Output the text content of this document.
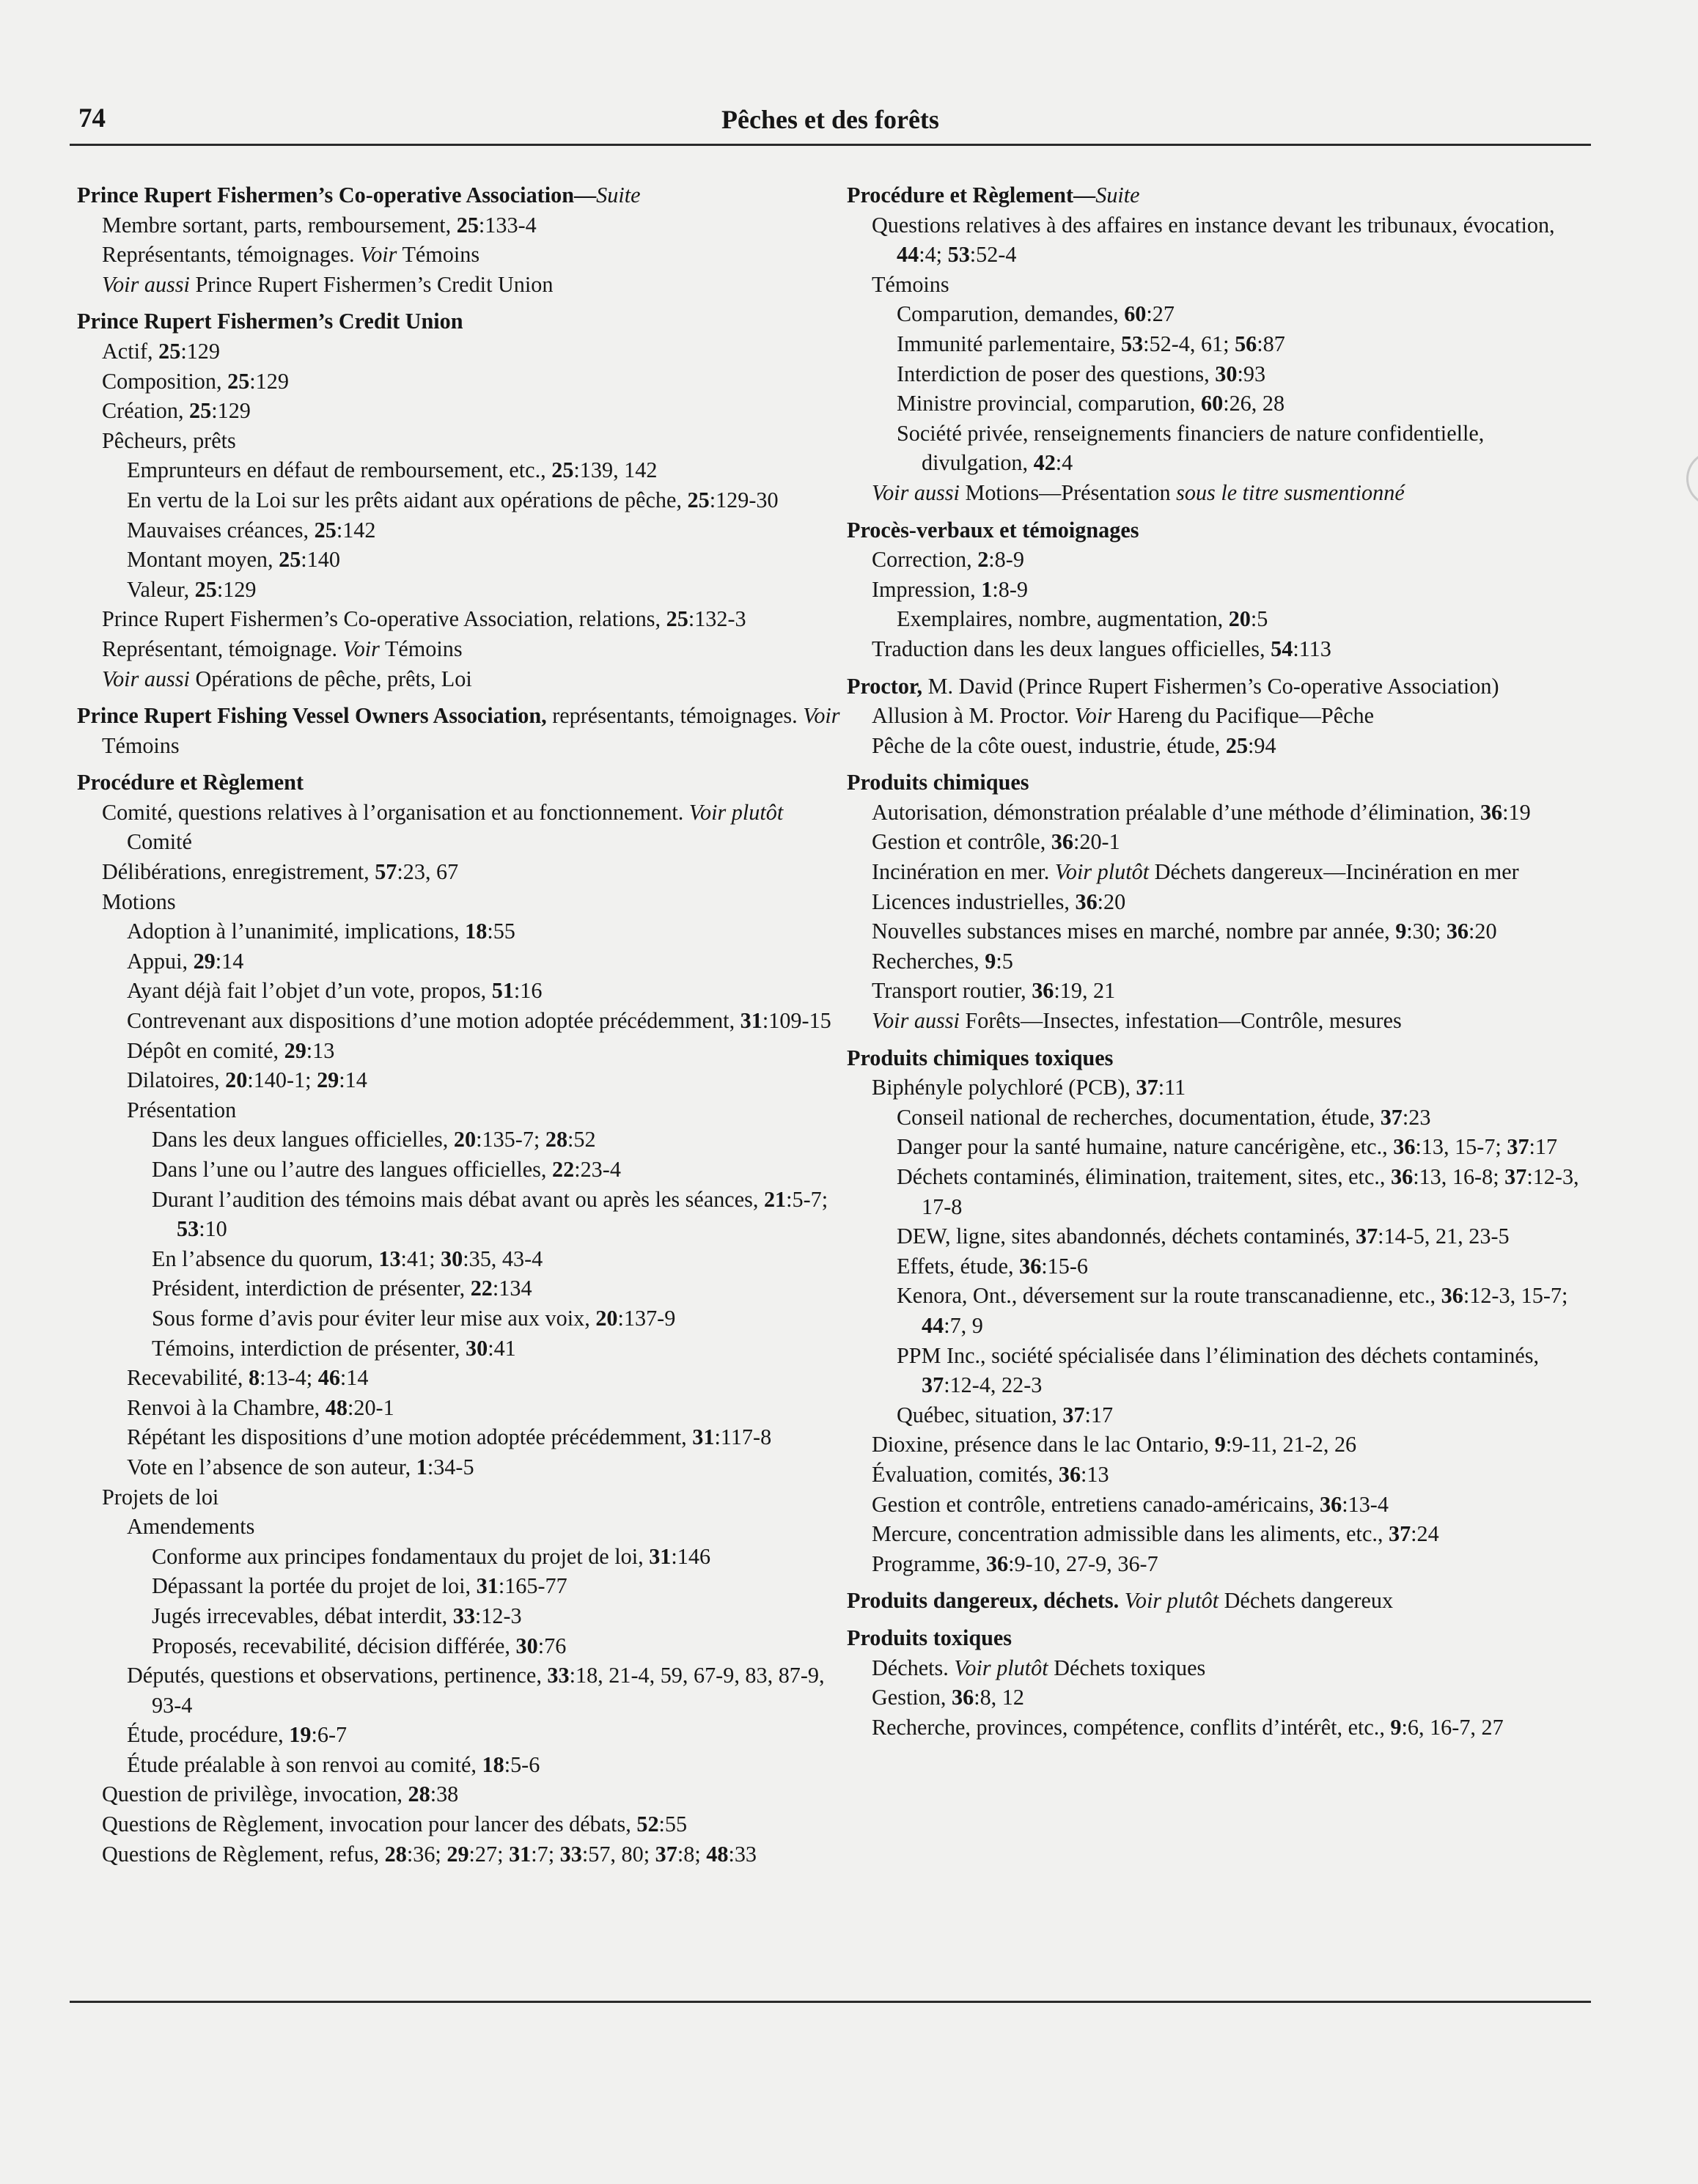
74	Pêches et des forêts
Prince Rupert Fishermen’s Co-operative Association—Suite
Membre sortant, parts, remboursement, 25:133-4
Représentants, témoignages. Voir Témoins
Voir aussi Prince Rupert Fishermen’s Credit Union
Prince Rupert Fishermen’s Credit Union
Actif, 25:129
Composition, 25:129
Création, 25:129
Pêcheurs, prêts
Emprunteurs en défaut de remboursement, etc., 25:139, 142
En vertu de la Loi sur les prêts aidant aux opérations de pêche, 25:129-30
Mauvaises créances, 25:142
Montant moyen, 25:140
Valeur, 25:129
Prince Rupert Fishermen’s Co-operative Association, relations, 25:132-3
Représentant, témoignage. Voir Témoins
Voir aussi Opérations de pêche, prêts, Loi
Prince Rupert Fishing Vessel Owners Association, représentants, témoignages. Voir Témoins
Procédure et Règlement
Comité, questions relatives à l’organisation et au fonctionnement. Voir plutôt Comité
Délibérations, enregistrement, 57:23, 67
Motions
Adoption à l’unanimité, implications, 18:55
Appui, 29:14
Ayant déjà fait l’objet d’un vote, propos, 51:16
Contrevenant aux dispositions d’une motion adoptée précédemment, 31:109-15
Dépôt en comité, 29:13
Dilatoires, 20:140-1; 29:14
Présentation
Dans les deux langues officielles, 20:135-7; 28:52
Dans l’une ou l’autre des langues officielles, 22:23-4
Durant l’audition des témoins mais débat avant ou après les séances, 21:5-7; 53:10
En l’absence du quorum, 13:41; 30:35, 43-4
Président, interdiction de présenter, 22:134
Sous forme d’avis pour éviter leur mise aux voix, 20:137-9
Témoins, interdiction de présenter, 30:41
Recevabilité, 8:13-4; 46:14
Renvoi à la Chambre, 48:20-1
Répétant les dispositions d’une motion adoptée précédemment, 31:117-8
Vote en l’absence de son auteur, 1:34-5
Projets de loi
Amendements
Conforme aux principes fondamentaux du projet de loi, 31:146
Dépassant la portée du projet de loi, 31:165-77
Jugés irrecevables, débat interdit, 33:12-3
Proposés, recevabilité, décision différée, 30:76
Députés, questions et observations, pertinence, 33:18, 21-4, 59, 67-9, 83, 87-9, 93-4
Étude, procédure, 19:6-7
Étude préalable à son renvoi au comité, 18:5-6
Question de privilège, invocation, 28:38
Questions de Règlement, invocation pour lancer des débats, 52:55
Questions de Règlement, refus, 28:36; 29:27; 31:7; 33:57, 80; 37:8; 48:33
Procédure et Règlement—Suite
Questions relatives à des affaires en instance devant les tribunaux, évocation, 44:4; 53:52-4
Témoins
Comparution, demandes, 60:27
Immunité parlementaire, 53:52-4, 61; 56:87
Interdiction de poser des questions, 30:93
Ministre provincial, comparution, 60:26, 28
Société privée, renseignements financiers de nature confidentielle, divulgation, 42:4
Voir aussi Motions—Présentation sous le titre susmentionné
Procès-verbaux et témoignages
Correction, 2:8-9
Impression, 1:8-9
Exemplaires, nombre, augmentation, 20:5
Traduction dans les deux langues officielles, 54:113
Proctor, M. David (Prince Rupert Fishermen’s Co-operative Association)
Allusion à M. Proctor. Voir Hareng du Pacifique—Pêche
Pêche de la côte ouest, industrie, étude, 25:94
Produits chimiques
Autorisation, démonstration préalable d’une méthode d’élimination, 36:19
Gestion et contrôle, 36:20-1
Incinération en mer. Voir plutôt Déchets dangereux—Incinération en mer
Licences industrielles, 36:20
Nouvelles substances mises en marché, nombre par année, 9:30; 36:20
Recherches, 9:5
Transport routier, 36:19, 21
Voir aussi Forêts—Insectes, infestation—Contrôle, mesures
Produits chimiques toxiques
Biphényle polychloré (PCB), 37:11
Conseil national de recherches, documentation, étude, 37:23
Danger pour la santé humaine, nature cancérigène, etc., 36:13, 15-7; 37:17
Déchets contaminés, élimination, traitement, sites, etc., 36:13, 16-8; 37:12-3, 17-8
DEW, ligne, sites abandonnés, déchets contaminés, 37:14-5, 21, 23-5
Effets, étude, 36:15-6
Kenora, Ont., déversement sur la route transcanadienne, etc., 36:12-3, 15-7; 44:7, 9
PPM Inc., société spécialisée dans l’élimination des déchets contaminés, 37:12-4, 22-3
Québec, situation, 37:17
Dioxine, présence dans le lac Ontario, 9:9-11, 21-2, 26
Évaluation, comités, 36:13
Gestion et contrôle, entretiens canado-américains, 36:13-4
Mercure, concentration admissible dans les aliments, etc., 37:24
Programme, 36:9-10, 27-9, 36-7
Produits dangereux, déchets. Voir plutôt Déchets dangereux
Produits toxiques
Déchets. Voir plutôt Déchets toxiques
Gestion, 36:8, 12
Recherche, provinces, compétence, conflits d’intérêt, etc., 9:6, 16-7, 27
